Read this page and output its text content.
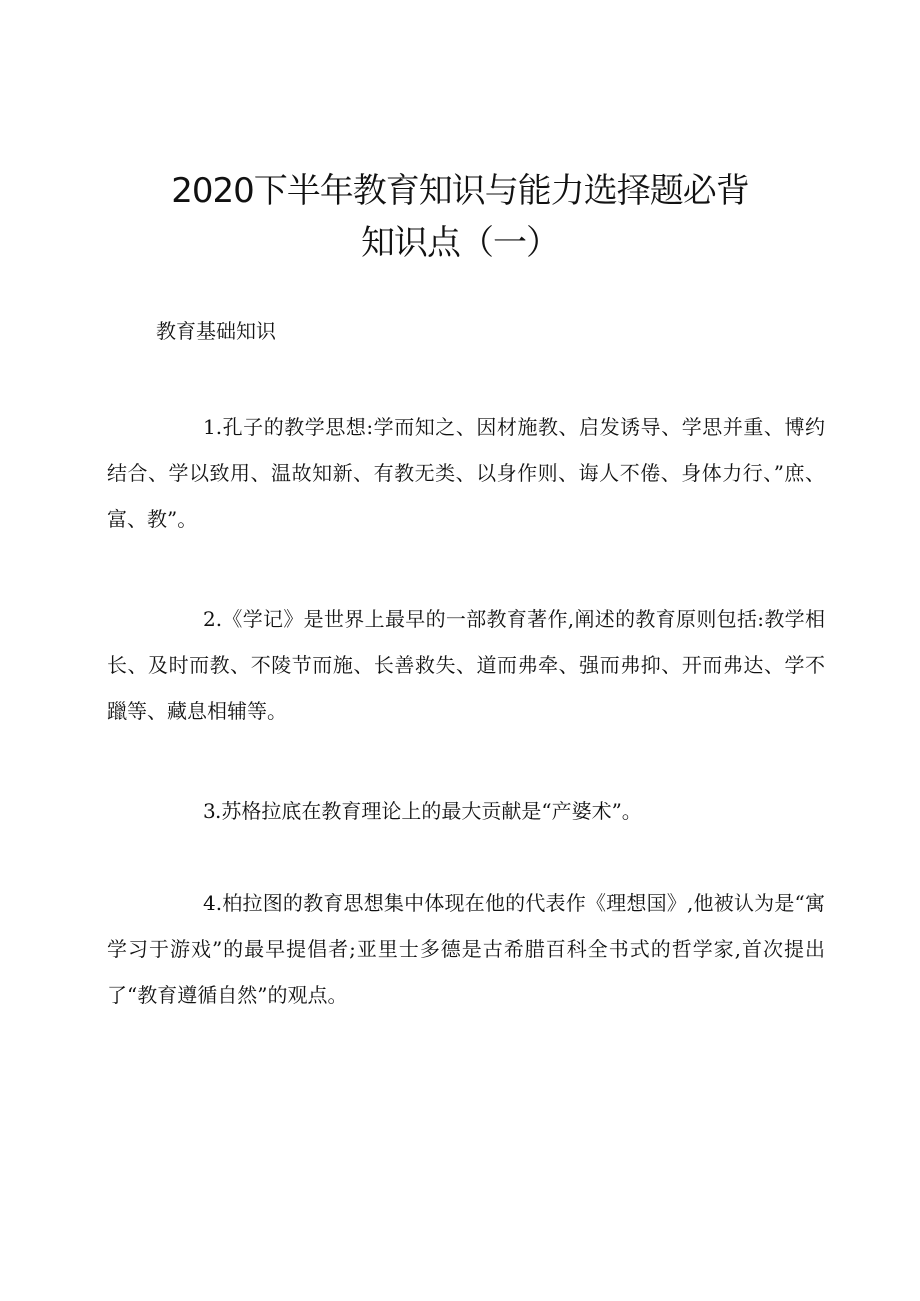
2020下半年教育知识与能力选择题必背
知识点（一）
教育基础知识
1.孔子的教学思想:学而知之、因材施教、启发诱导、学思并重、博约结合、学以致用、温故知新、有教无类、以身作则、诲人不倦、身体力行、”庶、富、教”。
2.《学记》是世界上最早的一部教育著作,阐述的教育原则包括:教学相长、及时而教、不陵节而施、长善救失、道而弗牵、强而弗抑、开而弗达、学不躐等、藏息相辅等。
3.苏格拉底在教育理论上的最大贡献是“产婆术”。
4.柏拉图的教育思想集中体现在他的代表作《理想国》,他被认为是“寓学习于游戏”的最早提倡者;亚里士多德是古希腊百科全书式的哲学家,首次提出了“教育遵循自然”的观点。
